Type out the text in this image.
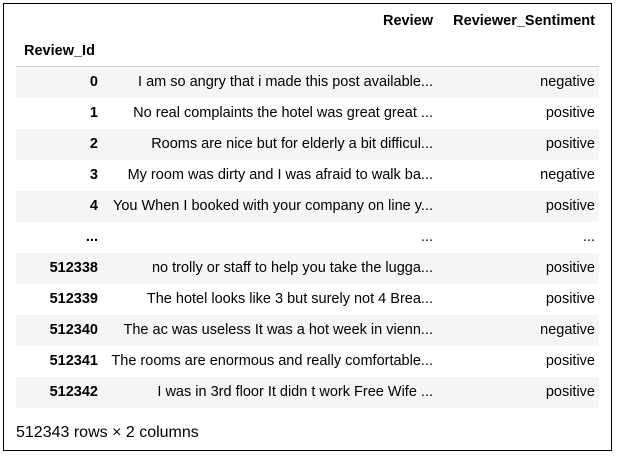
	Review	Reviewer_Sentiment
Review_Id		
0	I am so angry that i made this post available...	negative
1	No real complaints the hotel was great great ...	positive
2	Rooms are nice but for elderly a bit difficul...	positive
3	My room was dirty and I was afraid to walk ba...	negative
4	You When I booked with your company on line y...	positive
...	...	...
512338	no trolly or staff to help you take the lugga...	positive
512339	The hotel looks like 3 but surely not 4 Brea...	positive
512340	The ac was useless It was a hot week in vienn...	negative
512341	The rooms are enormous and really comfortable...	positive
512342	I was in 3rd floor It didn t work Free Wife ...	positive
512343 rows × 2 columns
